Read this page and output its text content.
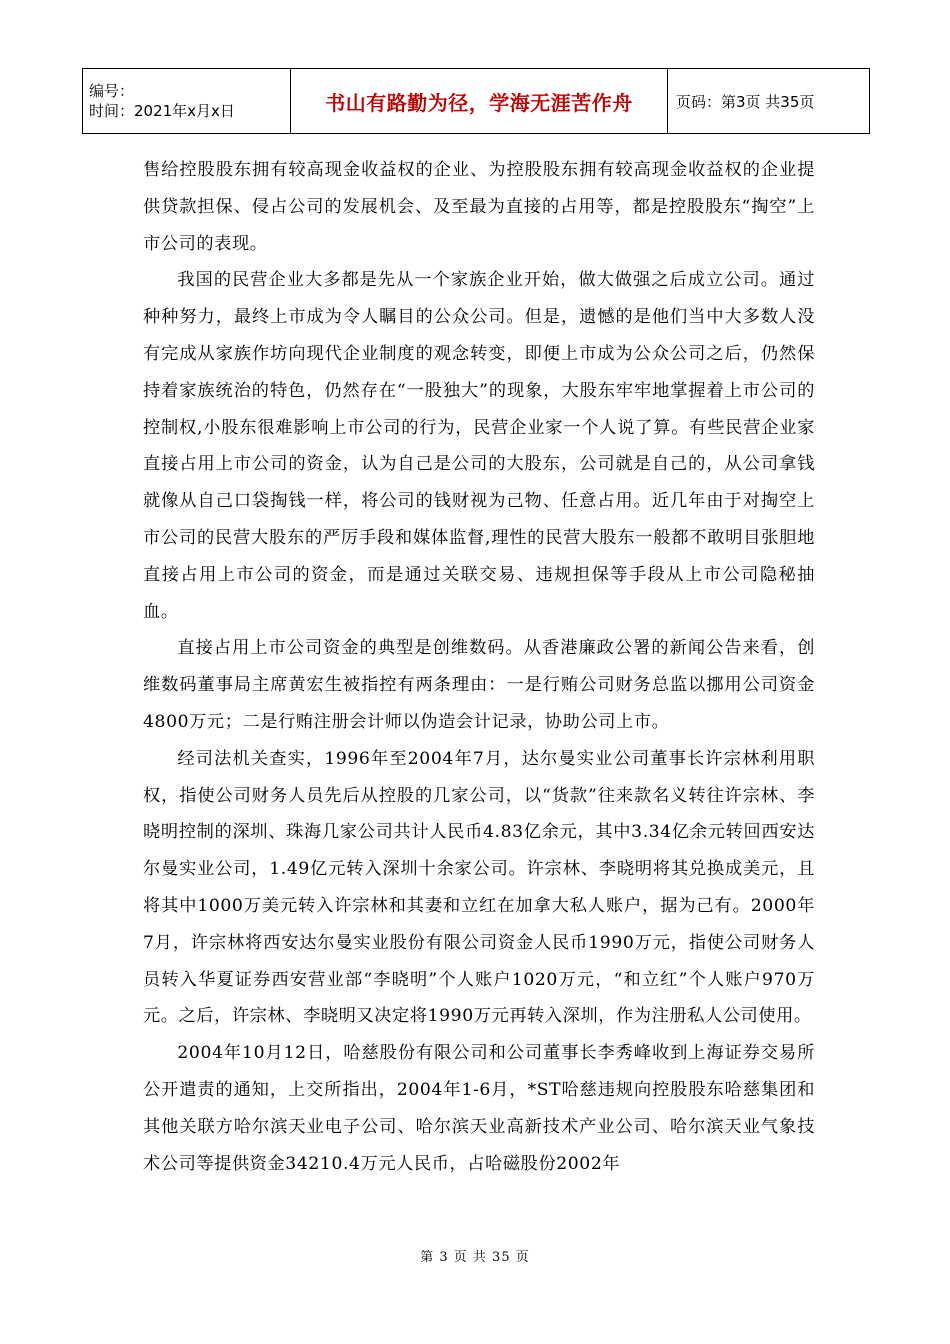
编号：
时间：2021年x月x日	书山有路勤为径，学海无涯苦作舟	页码：第3页 共35页

售给控股股东拥有较高现金收益权的企业、为控股股东拥有较高现金收益权的企业提供贷款担保、侵占公司的发展机会、及至最为直接的占用等，都是控股股东“掏空”上市公司的表现。

我国的民营企业大多都是先从一个家族企业开始，做大做强之后成立公司。通过种种努力，最终上市成为令人瞩目的公众公司。但是，遗憾的是他们当中大多数人没有完成从家族作坊向现代企业制度的观念转变，即便上市成为公众公司之后，仍然保持着家族统治的特色，仍然存在“一股独大”的现象，大股东牢牢地掌握着上市公司的控制权,小股东很难影响上市公司的行为，民营企业家一个人说了算。有些民营企业家直接占用上市公司的资金，认为自己是公司的大股东，公司就是自己的，从公司拿钱就像从自己口袋掏钱一样，将公司的钱财视为己物、任意占用。近几年由于对掏空上市公司的民营大股东的严厉手段和媒体监督,理性的民营大股东一般都不敢明目张胆地直接占用上市公司的资金，而是通过关联交易、违规担保等手段从上市公司隐秘抽血。

直接占用上市公司资金的典型是创维数码。从香港廉政公署的新闻公告来看，创维数码董事局主席黄宏生被指控有两条理由：一是行贿公司财务总监以挪用公司资金4800万元；二是行贿注册会计师以伪造会计记录，协助公司上市。

经司法机关查实，1996年至2004年7月，达尔曼实业公司董事长许宗林利用职权，指使公司财务人员先后从控股的几家公司，以“货款”往来款名义转往许宗林、李晓明控制的深圳、珠海几家公司共计人民币4.83亿余元，其中3.34亿余元转回西安达尔曼实业公司，1.49亿元转入深圳十余家公司。许宗林、李晓明将其兑换成美元，且将其中1000万美元转入许宗林和其妻和立红在加拿大私人账户，据为己有。2000年7月，许宗林将西安达尔曼实业股份有限公司资金人民币1990万元，指使公司财务人员转入华夏证券西安营业部“李晓明”个人账户1020万元，“和立红”个人账户970万元。之后，许宗林、李晓明又决定将1990万元再转入深圳，作为注册私人公司使用。

2004年10月12日，哈慈股份有限公司和公司董事长李秀峰收到上海证券交易所公开遣责的通知，上交所指出，2004年1-6月，*ST哈慈违规向控股股东哈慈集团和其他关联方哈尔滨天业电子公司、哈尔滨天业高新技术产业公司、哈尔滨天业气象技术公司等提供资金34210.4万元人民币，占哈磁股份2002年

第 3 页 共 35 页
